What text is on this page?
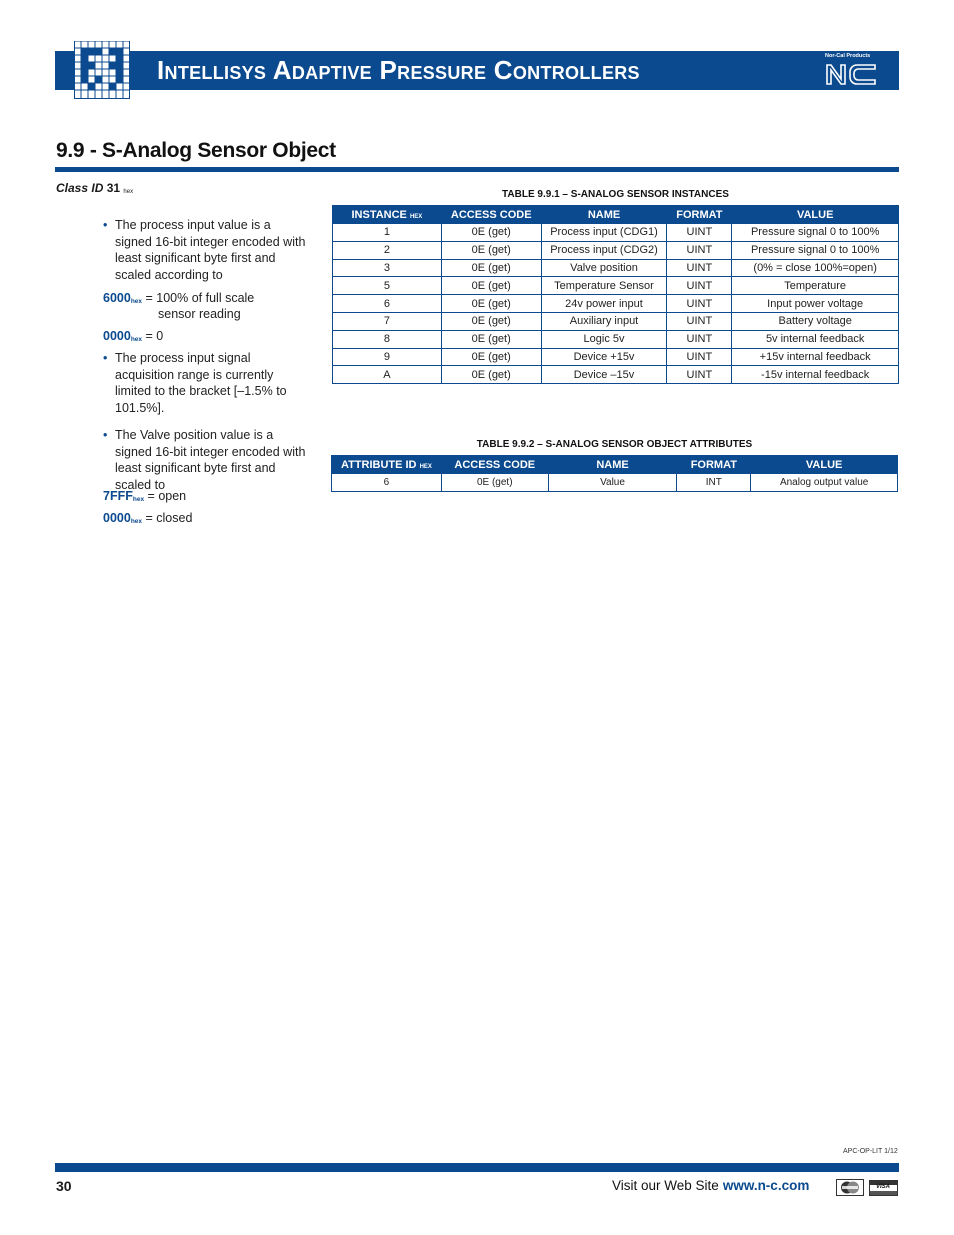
Intellisys Adaptive Pressure Controllers	Nor-Cal Products
9.9 - S-Analog Sensor Object
Class ID 31 hex
• The process input value is a signed 16-bit integer encoded with least significant byte first and scaled according to
6000hex = 100% of full scale
sensor reading
0000hex = 0
• The process input signal acquisition range is currently limited to the bracket [–1.5% to 101.5%].
• The Valve position value is a signed 16-bit integer encoded with least significant byte first and scaled to
7FFFhex = open
0000hex = closed
TABLE 9.9.1 – S-ANALOG SENSOR INSTANCES
INSTANCE HEX	ACCESS CODE	NAME	FORMAT	VALUE
1	0E (get)	Process input (CDG1)	UINT	Pressure signal 0 to 100%
2	0E (get)	Process input (CDG2)	UINT	Pressure signal 0 to 100%
3	0E (get)	Valve position	UINT	(0% = close 100%=open)
5	0E (get)	Temperature Sensor	UINT	Temperature
6	0E (get)	24v power input	UINT	Input power voltage
7	0E (get)	Auxiliary input	UINT	Battery voltage
8	0E (get)	Logic 5v	UINT	5v internal feedback
9	0E (get)	Device +15v	UINT	+15v internal feedback
A	0E (get)	Device –15v	UINT	-15v internal feedback
TABLE 9.9.2 – S-ANALOG SENSOR OBJECT ATTRIBUTES
ATTRIBUTE ID HEX	ACCESS CODE	NAME	FORMAT	VALUE
6	0E (get)	Value	INT	Analog output value
APC-OP-LIT 1/12
30	Visit our Web Site www.n-c.com	VISA
